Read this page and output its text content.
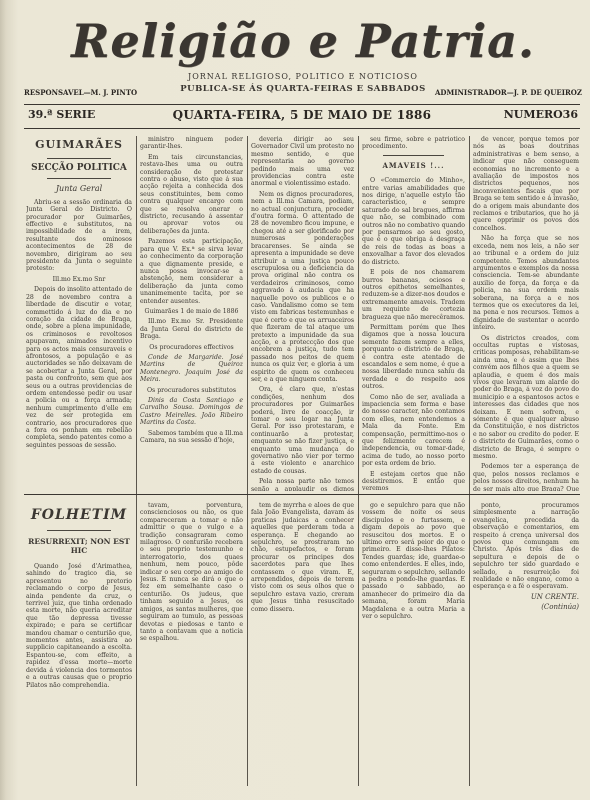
Religião e Patria.
JORNAL RELIGIOSO, POLITICO E NOTICIOSO
PUBLICA-SE ÁS QUARTA-FEIRAS E SABBADOS
RESPONSAVEL—M. J. PINTO	ADMINISTRADOR—J. P. DE QUEIROZ
39.ª SERIE	QUARTA-FEIRA, 5 DE MAIO DE 1886	NUMERO36
GUIMARÃES
SECÇÃO POLITICA
Junta Geral

Abriu-se a sessão ordinaria da Junta Geral do Districto. O procurador por Guimarães, effectivo e substitutos, na impossibilidade de a irem, resultante dos ominosos acontecimentos de 28 de novembro, dirigiram ao seu presidente da Junta o seguinte protesto:

Ill.mo Ex.mo Snr

Depois do insolito attentado de 28 de novembro contra a liberdade de discutir e votar, commettido á luz do dia e no coração da cidade de Braga, onde, sobre a plena impunidade, os criminosos e revoltosos apupavam, animados incentivo para os actos mais censuraveis e afrontosos, a população e as auctoridades se não deixavam de se acobertar a Junta Geral, por pasta ou confronto, sem que aos seus ou a outras providencias de ordem entendesse pedir ou usar a policia ou a força armada; nenhum cumprimento d'elle em vez de ser protegida em contrario, aos procuradores que a fora os ponham em rebelião completa, sendo patentes como a seguintes pessoas de sessão.

ministro ninguem poder garantir-lhes.

Em tais circunstancias, restava-lhes uma ou outra consideração de protestar contra o abuso, visto que á sua acção rejeita a conhecida dos seus constituintes, bem como contra qualquer encargo com que se resolva onerar o districto, recusando á assentar ou aprovar votos ou deliberações da junta.

Pazemos esta participação, para que V. Ex.ª se sirva levar ao conhecimento da corporação a que dignamente preside, e nunca possa invocar-se a abstenção, nem considerar a deliberação da junta como unanimemente tacita, por se entender ausentes.

Guimarães 1 de maio de 1886

Ill.mo Ex.mo Sr. Presidente da Junta Geral do districto de Braga.

Os procuradores effectivos

Conde de Margaride. José Martins de Queiroz Montenegro. Joaquim José da Meira.

Os procuradores substitutos

Dinis da Costa Santiago e Carvalho Sousa. Domingos de Castro Meirelles. João Ribeiro Martins da Costa.

Sabemos também que a Ill.ma Camara, na sua sessão d'hoje,

deveria dirigir ao seu Governador Civil um protesto no mesmo sentido, e que representaria ao governo pedindo mais uma vez providencias contra este anormal e violentissimo estado.

Nem os dignos procuradores, nem a Ill.ma Camara, podiam, no actual conjunctura, proceder d'outra forma. O attentado de 28 de novembro ficou impune, e chegou até a ser glorificado por numerosas ponderações bracarenses. Se ainda se apresenta a impunidade se deve attribuir a uma justiça pouco escrupulosa ou a deficiencia da prova original não contra os verdadeiros criminosos, como aggravado á audacia que ha naquelle povo os publicos e o caso. Vandalismo como se tem visto em fabricas testemunhas e que é certo e que os arruaceiros que fizeram de tal ataque um pretexto a impunidade da sua acção, e a proteccção dos que encobrem a justiça, tudo tem passado nos peitos de quem nunca os quiz ver, e gloria a um espirito de quem os conheceu ser, e a que ninguem conta.

Ora, é claro que, n'estas condições, nenhum dos procuradores por Guimarães poderá, livre de coacção, ir tomar o seu logar na Junta Geral. Por isso protestaram, e continuarão a protestar, emquanto se não fizer justiça, e enquanto uma mudança do governativo não vier por termo a este violento e anarchico estado de cousas.

Pela nossa parte não temos senão a applaudir os dignos

seu firme, sobre e patriotico procedimento.

AMAVEIS !...

O «Commercio do Minho», entre varias amabilidades que nos dirige, n'aquelle estylo tão caracteristico, e sempre saturado do sal bragues, affirma que não, se combinado com outros não no combativo quando por pensarmos ao seu gosto, que é o que obriga á desgraça de reis de todas as boas a enxovalhar a favor dos elevados do districto.

E pois de nos chamarem burros bananas, ociosos e outros epithetos semelhantes, reduzem-se a dizer-nos doudos e extremamente amaveis. Tradem um requinte de cortezia bragueza que não merecêramos.

Permittam porém que lhes digamos que a nossa loucura semente fazem sempre a elles, porquanto o districto de Braga, é contra este atentado de escandalos e sem nome, é que a nossa liberdade nunca sahiu da verdade e do respeito aos outros.

Como não de ser, avaliada a impaciencia sem forma e base do nosso caracter, não contamos com elles, nem entendemos a Mala da Fonte. Em compensação, permittimo-nos o que felizmente carecem é independencia, ou tomar-dade, acima de tudo, ao nosso porto por esta ordem de brio.

E estejam certos que não desistiremos. E então que veremos

de vencer, porque temos por nós as boas doutrinas administrativas e bem senso, a indicar que não conseguem economias no incremento e a avaliação de impostos nos districtos pequenos, nos inconvenientes fiscais que por Braga se tem sentido e á invasão, do a origem mais abundante dos reclamos e tributarios, que ho já quere opprimir os povos dos concelhos.

Não ha força que se nos exceda, nem nos leis, a não ser ao tribunal e a ordem do juiz competente. Temos abundantes argumentos e exemplos da nossa consciencia. Tem-se abundante auxilio de força, da força e da policia, na sua ordem mais soberana, na força a e nos termos que os executores da lei, na pena e nos recursos. Temos a dignidade de sustentar o acordo inteiro.

Os districtos creados, com occultas ruptas e vistosas, criticas pomposas, rehabilitam-se ainda uma, e é assim que lhes convém aos filhos que a quem se aplaudia, e quem é dos mais vivos que levaram um alarde do poder do Braga, á voz do povo do municipio e a espantosos actos e interesses das cidades que nos deixam. E nem sofrem, e sómente é que qualquer abuso da Constituição, e nos districtos e no sabor ou credito do poder. E o districto de Guimarães, como o districto de Braga, é sempre o mesmo.

Podemos ter a esperança de que, pelos nossos reclamos e pelos nossos direitos, nenhum ha de ser mais alto que Braga? Que

FOLHETIM
RESURREXIT; NON EST HIC

Quando José d'Arimathea, sahindo do tragico dia, se apresentou no pretorio reclamando o corpo de Jesus, ainda pendente da cruz, o terrivel juiz, que tinha ordenado esta morte, não queria acreditar que tão depressa tivesse expirado; e para se certificar mandou chamar o centurião que, momentos antes, assistira ao supplicio capitaneando a escolta. Espantou-se, com effeito, a rapidez d'essa morte—morte devida á violencia dos tormentos e a outras causas que o proprio Pilatos não comprehendia.

tavam, porventura, conscienciosos ou não, os que compareceram a tomar e não admittir o que o vulgo e a tradição consagraram como milagroso. O centurião recebera o seu proprio testemunho e interrogatorio, dos quaes nenhum, nem pouco, pôde indicar o seu corpo ao amigo de Jesus. E nunca se dirá o que o fez em semelhante caso o centurião. Os judeus, que tinham seguido a Jesus, os amigos, as santas mulheres, que seguiram ao tumulo, as pessoas devotas e piedosas e tanto e tanto a contavam que a noticia se espalhou.

tem de myrrha e aloes de que fala João Evangelista, davam ás praticas judaicas a conhecer aquelles que perderam toda a esperança. E chegando ao sepulchro, se prostraram no chão, estupefactos, e foram procurar os principes dos sacerdotes para que lhes contassem o que viram. E, arrependidos, depois de terem visto com os seus olhos que o sepulchro estava vazio, creram que Jesus tinha resuscitado como dissera.

go e sepulchro para que não vossem de noite os seus discipulos e o furtassem, e digam depois ao povo que resuscitou dos mortos. E o ultimo erro será peior do que o primeiro. E disse-lhes Pilatos: Tendes guardas; ide, guardae-o como entenderdes. E elles, indo, seguraram o sepulchro, sellando a pedra e pondo-lhe guardas. E passado o sabbado, ao amanhecer do primeiro dia da semana, foram Maria Magdalena e a outra Maria a ver o sepulchro.

ponto, procuramos simplesmente a narração evangelica, precedida da observação e comentarios, em respeito á crença universal dos povos que comungam em Christo. Após três dias de sepultura e depois de o sepulchro ter sido guardado e sellado, a resurreição foi realidade e não engano, como a esperança e a fé o esperavam.

UN CRENTE.

(Continúa)
